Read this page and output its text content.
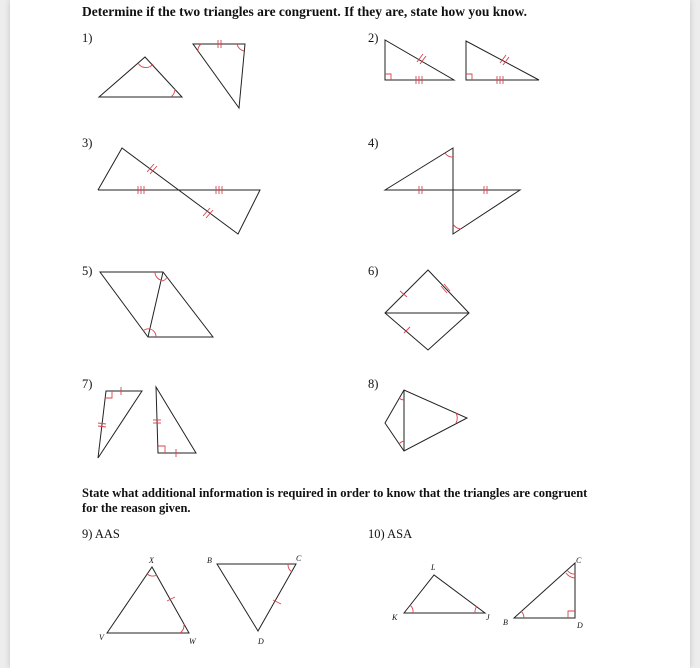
Determine if the two triangles are congruent. If they are, state how you know.
1)	2)
3)	4)
5)	6)
7)	8)
State what additional information is required in order to know that the triangles are congruent
for the reason given.
9) AAS	10) ASA
X
V	W
B	C
D
L
K	J
C
B	D
